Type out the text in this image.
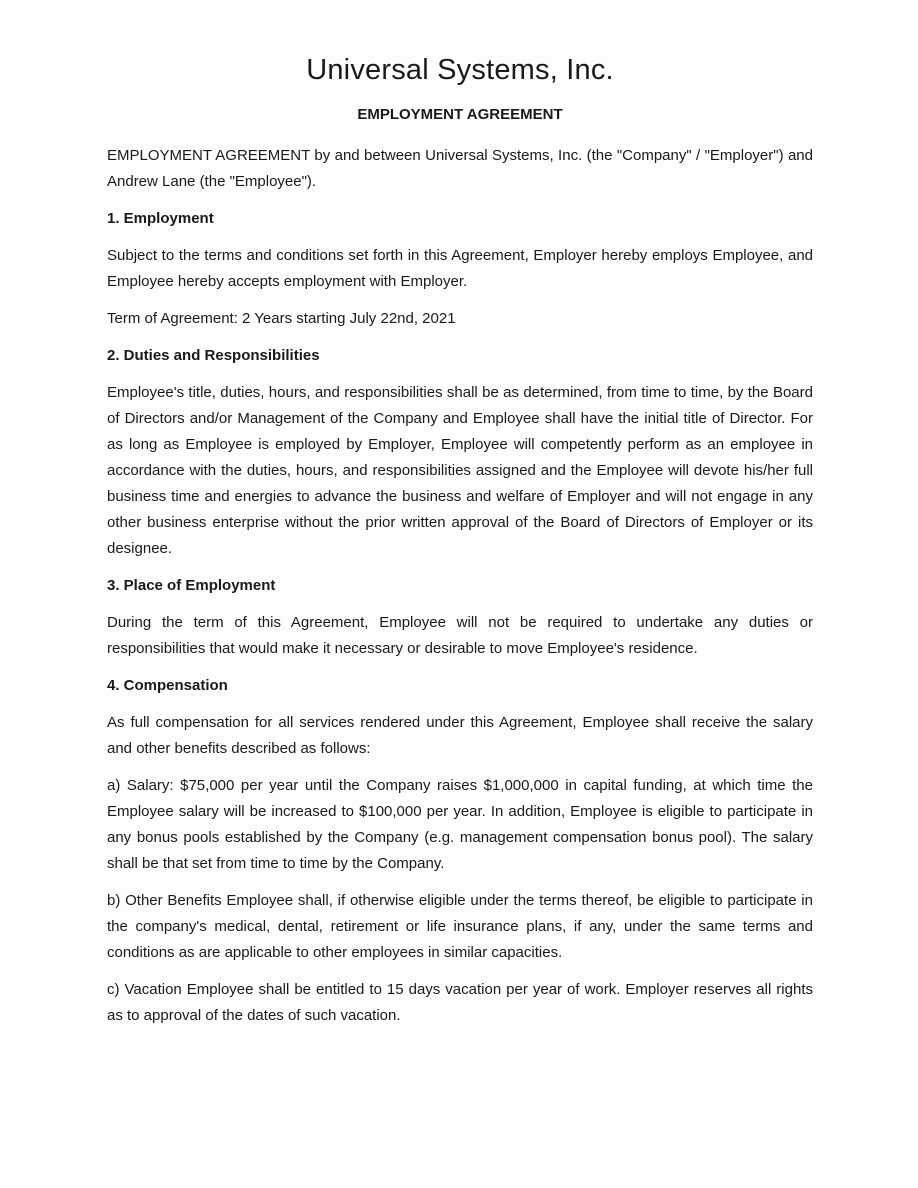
Universal Systems, Inc.
EMPLOYMENT AGREEMENT

EMPLOYMENT AGREEMENT by and between Universal Systems, Inc. (the "Company" / "Employer") and Andrew Lane (the "Employee").

1. Employment

Subject to the terms and conditions set forth in this Agreement, Employer hereby employs Employee, and Employee hereby accepts employment with Employer.

Term of Agreement: 2 Years starting July 22nd, 2021

2. Duties and Responsibilities

Employee's title, duties, hours, and responsibilities shall be as determined, from time to time, by the Board of Directors and/or Management of the Company and Employee shall have the initial title of Director. For as long as Employee is employed by Employer, Employee will competently perform as an employee in accordance with the duties, hours, and responsibilities assigned and the Employee will devote his/her full business time and energies to advance the business and welfare of Employer and will not engage in any other business enterprise without the prior written approval of the Board of Directors of Employer or its designee.

3. Place of Employment

During the term of this Agreement, Employee will not be required to undertake any duties or responsibilities that would make it necessary or desirable to move Employee's residence.

4. Compensation

As full compensation for all services rendered under this Agreement, Employee shall receive the salary and other benefits described as follows:

a) Salary: $75,000 per year until the Company raises $1,000,000 in capital funding, at which time the Employee salary will be increased to $100,000 per year. In addition, Employee is eligible to participate in any bonus pools established by the Company (e.g. management compensation bonus pool). The salary shall be that set from time to time by the Company.

b) Other Benefits Employee shall, if otherwise eligible under the terms thereof, be eligible to participate in the company's medical, dental, retirement or life insurance plans, if any, under the same terms and conditions as are applicable to other employees in similar capacities.

c) Vacation Employee shall be entitled to 15 days vacation per year of work. Employer reserves all rights as to approval of the dates of such vacation.
